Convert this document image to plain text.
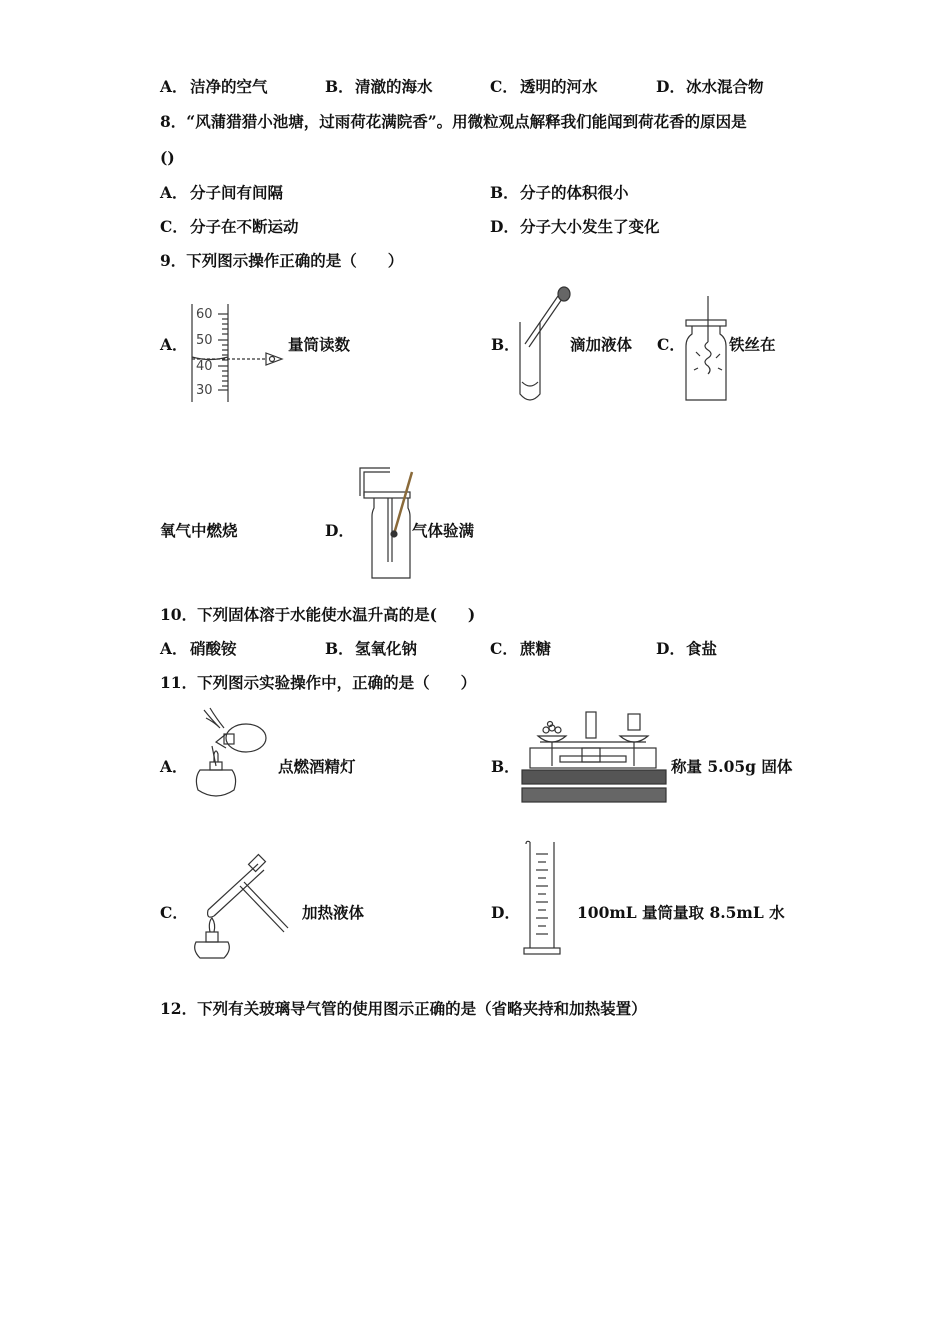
A． 洁净的空气	B． 清澈的海水	C． 透明的河水	D． 冰水混合物
8．“风蒲猎猎小池塘，过雨荷花满院香”。用微粒观点解释我们能闻到荷花香的原因是
()
A． 分子间有间隔	B． 分子的体积很小
C． 分子在不断运动	D． 分子大小发生了变化
9．下列图示操作正确的是（　　）
A．
60
50
40
30
量筒读数	B．	滴加液体 C．	铁丝在
氧气中燃烧	D．	气体验满
10．下列固体溶于水能使水温升高的是(　　)
A． 硝酸铵	B． 氢氧化钠	C． 蔗糖	D． 食盐
11．下列图示实验操作中，正确的是（　　）
A．	点燃酒精灯	B．	称量 5.05g 固体
C．	加热液体	D．	100mL 量筒量取 8.5mL 水
12．下列有关玻璃导气管的使用图示正确的是（省略夹持和加热装置）
